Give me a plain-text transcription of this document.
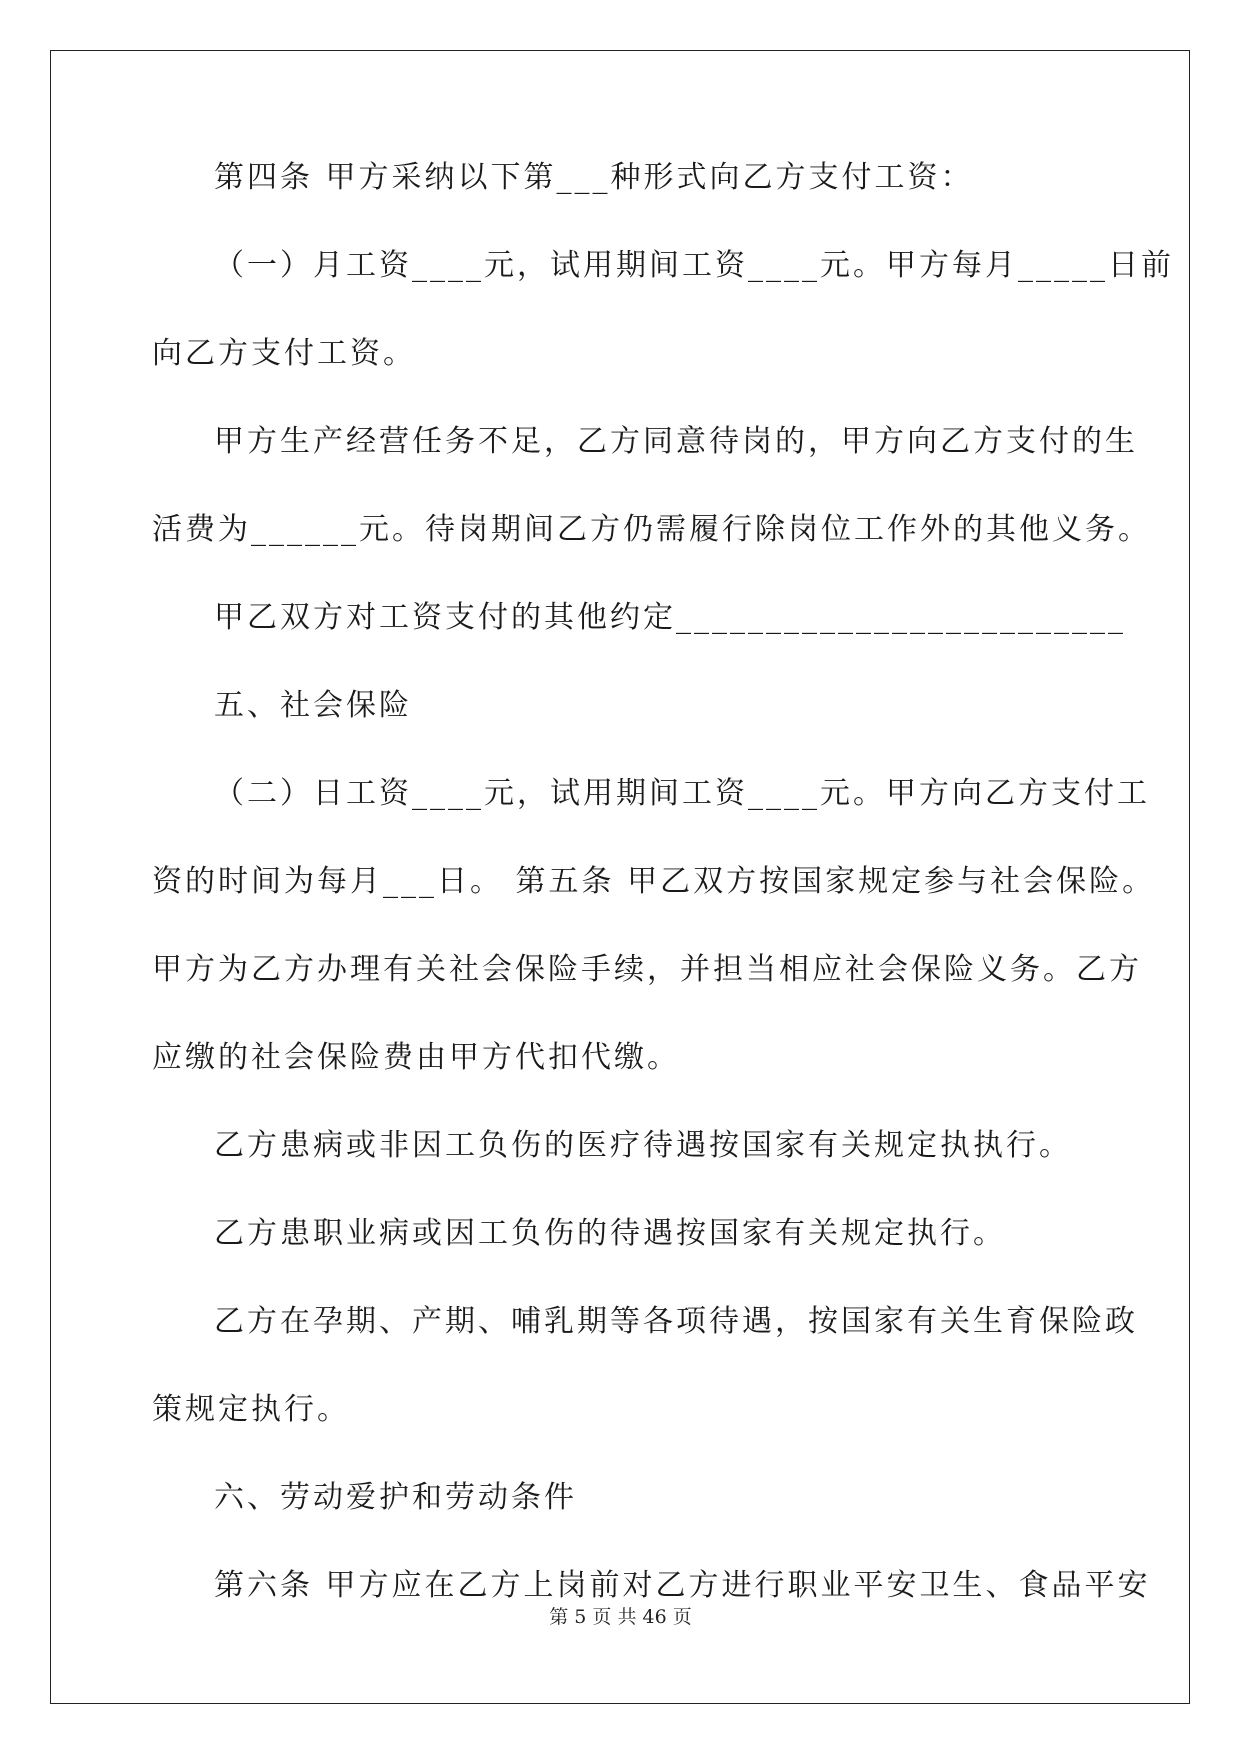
第四条 甲方采纳以下第___种形式向乙方支付工资：
（一）月工资____元，试用期间工资____元。甲方每月_____日前
向乙方支付工资。
甲方生产经营任务不足，乙方同意待岗的，甲方向乙方支付的生
活费为______元。待岗期间乙方仍需履行除岗位工作外的其他义务。
甲乙双方对工资支付的其他约定_________________________
五、社会保险
（二）日工资____元，试用期间工资____元。甲方向乙方支付工
资的时间为每月___日。 第五条 甲乙双方按国家规定参与社会保险。
甲方为乙方办理有关社会保险手续，并担当相应社会保险义务。乙方
应缴的社会保险费由甲方代扣代缴。
乙方患病或非因工负伤的医疗待遇按国家有关规定执执行。
乙方患职业病或因工负伤的待遇按国家有关规定执行。
乙方在孕期、产期、哺乳期等各项待遇，按国家有关生育保险政
策规定执行。
六、劳动爱护和劳动条件
第六条 甲方应在乙方上岗前对乙方进行职业平安卫生、食品平安
第 5 页 共 46 页
